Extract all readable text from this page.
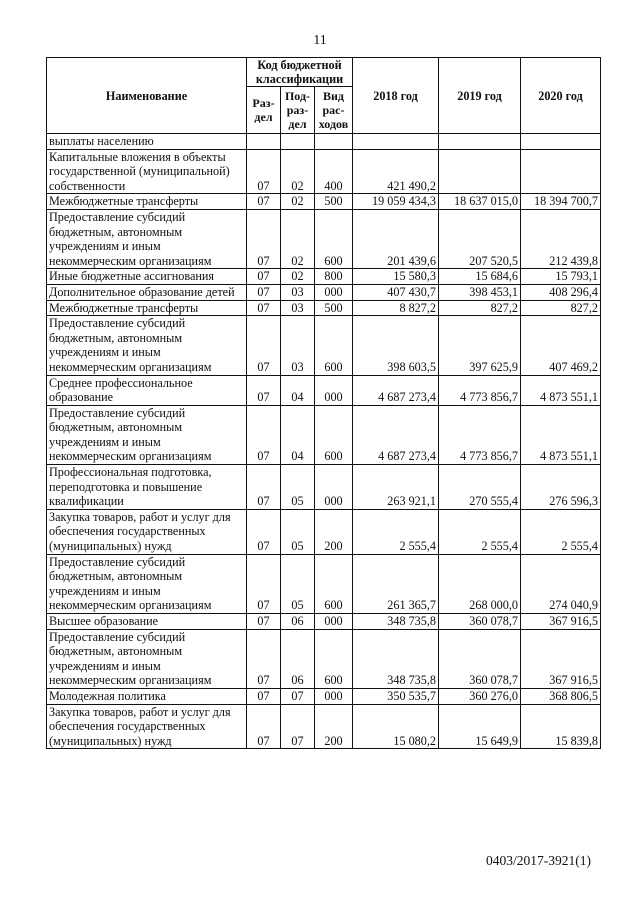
11
Наименование	Код бюджетной классификации			2018 год	2019 год	2020 год
	Раз- дел	Под- раз- дел	Вид рас- ходов			
выплаты населению						
Капитальные вложения в объекты государственной (муниципальной) собственности	07	02	400	421 490,2		
Межбюджетные трансферты	07	02	500	19 059 434,3	18 637 015,0	18 394 700,7
Предоставление субсидий бюджетным, автономным учреждениям и иным некоммерческим организациям	07	02	600	201 439,6	207 520,5	212 439,8
Иные бюджетные ассигнования	07	02	800	15 580,3	15 684,6	15 793,1
Дополнительное образование детей	07	03	000	407 430,7	398 453,1	408 296,4
Межбюджетные трансферты	07	03	500	8 827,2	827,2	827,2
Предоставление субсидий бюджетным, автономным учреждениям и иным некоммерческим организациям	07	03	600	398 603,5	397 625,9	407 469,2
Среднее профессиональное образование	07	04	000	4 687 273,4	4 773 856,7	4 873 551,1
Предоставление субсидий бюджетным, автономным учреждениям и иным некоммерческим организациям	07	04	600	4 687 273,4	4 773 856,7	4 873 551,1
Профессиональная подготовка, переподготовка и повышение квалификации	07	05	000	263 921,1	270 555,4	276 596,3
Закупка товаров, работ и услуг для обеспечения государственных (муниципальных) нужд	07	05	200	2 555,4	2 555,4	2 555,4
Предоставление субсидий бюджетным, автономным учреждениям и иным некоммерческим организациям	07	05	600	261 365,7	268 000,0	274 040,9
Высшее образование	07	06	000	348 735,8	360 078,7	367 916,5
Предоставление субсидий бюджетным, автономным учреждениям и иным некоммерческим организациям	07	06	600	348 735,8	360 078,7	367 916,5
Молодежная политика	07	07	000	350 535,7	360 276,0	368 806,5
Закупка товаров, работ и услуг для обеспечения государственных (муниципальных) нужд	07	07	200	15 080,2	15 649,9	15 839,8
0403/2017-3921(1)
